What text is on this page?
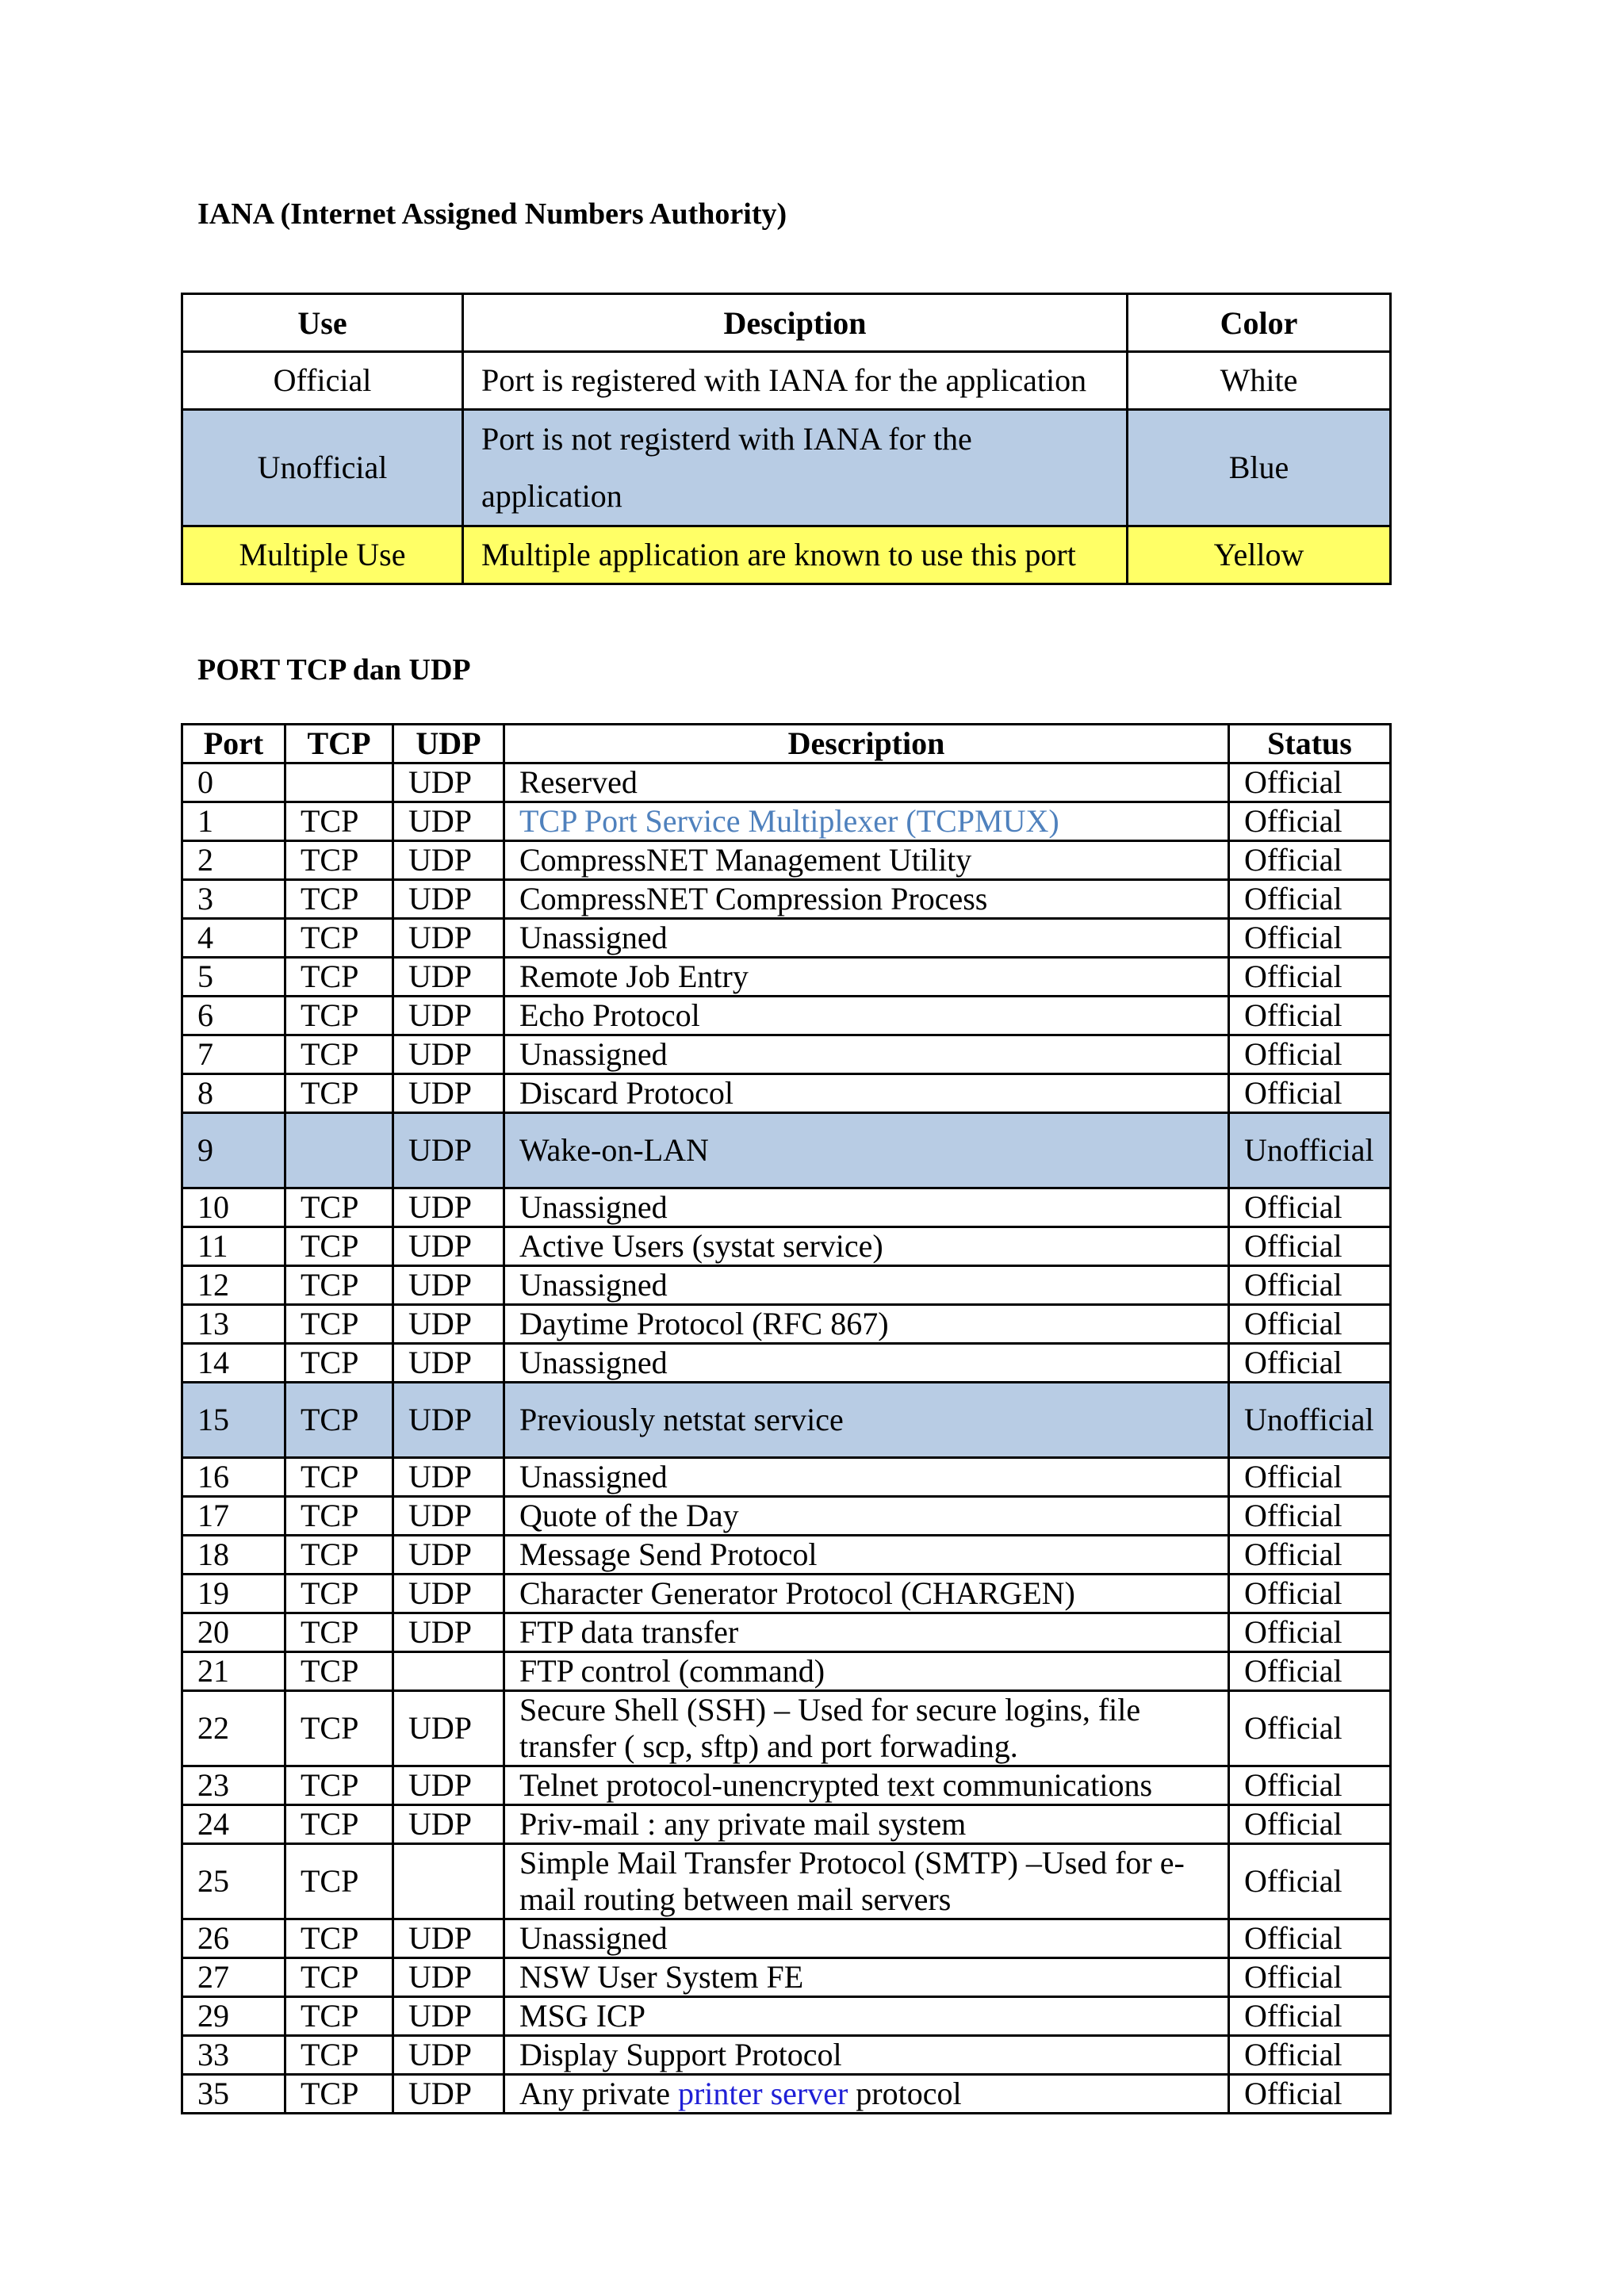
IANA (Internet Assigned Numbers Authority)
Use	Desciption	Color
Official	Port is registered with IANA for the application	White
Unofficial	Port is not registerd with IANA for the application	Blue
Multiple Use	Multiple application are known to use this port	Yellow
PORT TCP dan UDP
Port	TCP	UDP	Description	Status
0		UDP	Reserved	Official
1	TCP	UDP	TCP Port Service Multiplexer (TCPMUX)	Official
2	TCP	UDP	CompressNET Management Utility	Official
3	TCP	UDP	CompressNET Compression Process	Official
4	TCP	UDP	Unassigned	Official
5	TCP	UDP	Remote Job Entry	Official
6	TCP	UDP	Echo Protocol	Official
7	TCP	UDP	Unassigned	Official
8	TCP	UDP	Discard Protocol	Official
9		UDP	Wake-on-LAN	Unofficial
10	TCP	UDP	Unassigned	Official
11	TCP	UDP	Active Users (systat service)	Official
12	TCP	UDP	Unassigned	Official
13	TCP	UDP	Daytime Protocol (RFC 867)	Official
14	TCP	UDP	Unassigned	Official
15	TCP	UDP	Previously netstat service	Unofficial
16	TCP	UDP	Unassigned	Official
17	TCP	UDP	Quote of the Day	Official
18	TCP	UDP	Message Send Protocol	Official
19	TCP	UDP	Character Generator Protocol (CHARGEN)	Official
20	TCP	UDP	FTP data transfer	Official
21	TCP		FTP control (command)	Official
22	TCP	UDP	Secure Shell (SSH) – Used for secure logins, file transfer ( scp, sftp) and port forwading.	Official
23	TCP	UDP	Telnet protocol-unencrypted text communications	Official
24	TCP	UDP	Priv-mail : any private mail system	Official
25	TCP		Simple Mail Transfer Protocol (SMTP) –Used for e-mail routing between mail servers	Official
26	TCP	UDP	Unassigned	Official
27	TCP	UDP	NSW User System FE	Official
29	TCP	UDP	MSG ICP	Official
33	TCP	UDP	Display Support Protocol	Official
35	TCP	UDP	Any private printer server protocol	Official
